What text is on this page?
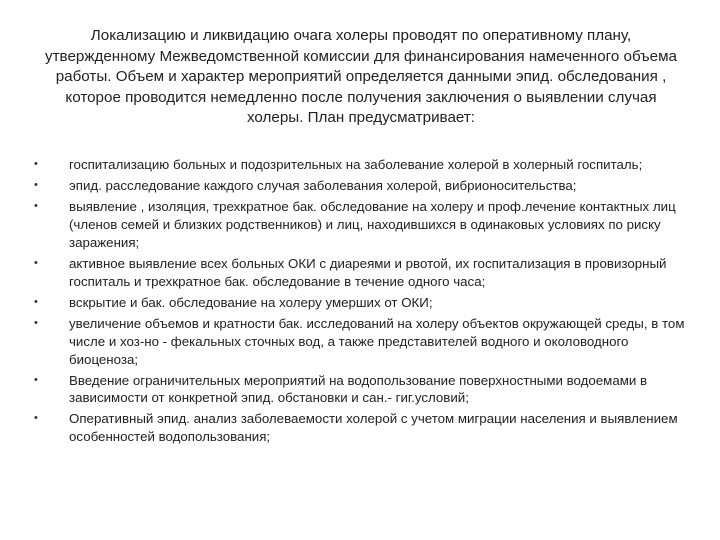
Локализацию и ликвидацию очага холеры проводят по оперативному плану, утвержденному Межведомственной комиссии для финансирования намеченного объема работы. Объем и характер мероприятий определяется данными эпид. обследования , которое проводится немедленно после получения заключения о выявлении случая холеры. План предусматривает:

•	госпитализацию больных и подозрительных на заболевание холерой в холерный госпиталь;
•	эпид. расследование каждого случая заболевания холерой, вибрионосительства;
•	выявление , изоляция, трехкратное бак. обследование на холеру и проф.лечение контактных лиц (членов семей и близких родственников) и лиц, находившихся в одинаковых условиях по риску заражения;
•	активное выявление всех больных ОКИ с диареями и рвотой, их госпитализация в провизорный госпиталь и трехкратное бак. обследование в течение одного часа;
•	вскрытие и бак. обследование на холеру умерших от ОКИ;
•	увеличение объемов и кратности бак. исследований на холеру объектов окружающей среды, в том числе и хоз-но - фекальных сточных вод, а также представителей водного и околоводного биоценоза;
•	Введение ограничительных мероприятий на водопользование поверхностными водоемами в зависимости от конкретной эпид. обстановки и сан.- гиг.условий;
•	Оперативный эпид. анализ заболеваемости холерой с учетом миграции населения и выявлением особенностей водопользования;
